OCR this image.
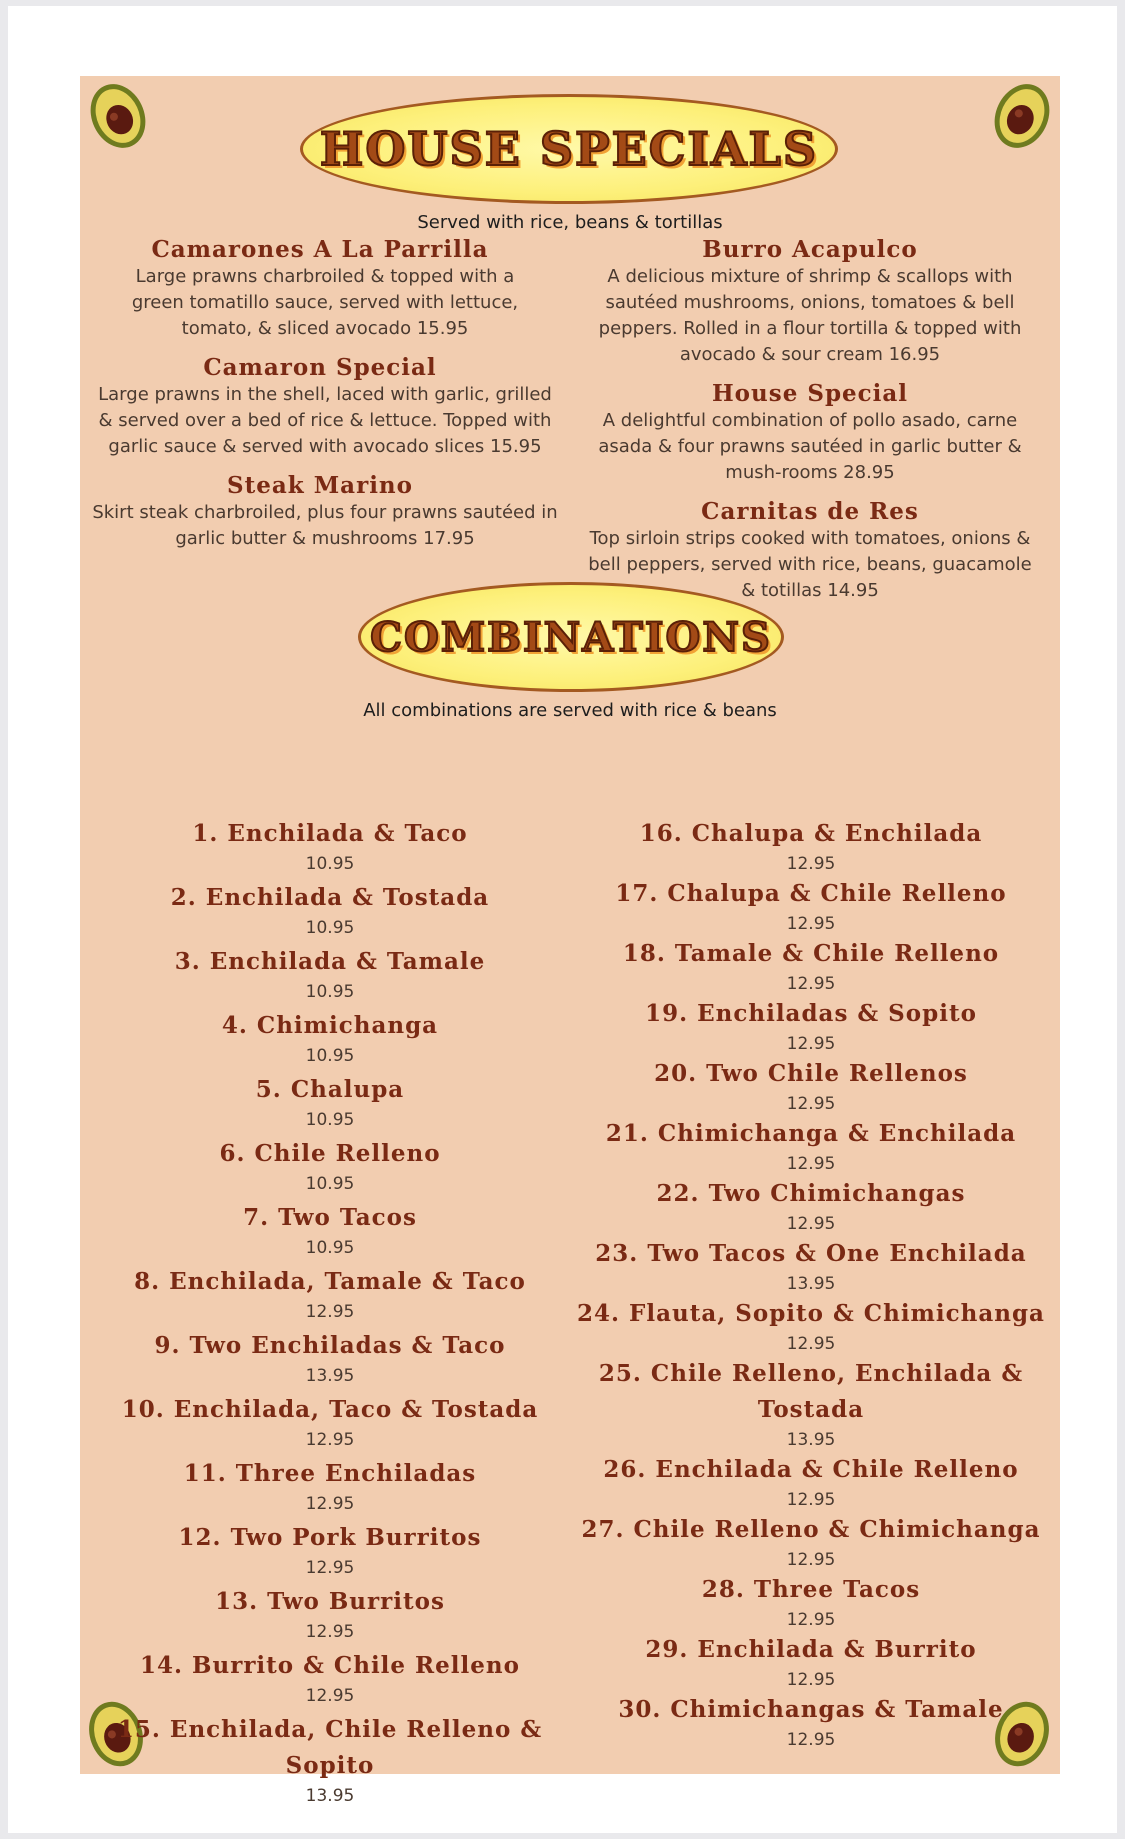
HOUSE SPECIALS
Served with rice, beans & tortillas
Camarones A La Parrilla
Large prawns charbroiled & topped with a green tomatillo sauce, served with lettuce, tomato, & sliced avocado 15.95
Camaron Special
Large prawns in the shell, laced with garlic, grilled & served over a bed of rice & lettuce. Topped with garlic sauce & served with avocado slices 15.95
Steak Marino
Skirt steak charbroiled, plus four prawns sautéed in garlic butter & mushrooms 17.95
Burro Acapulco
A delicious mixture of shrimp & scallops with sautéed mushrooms, onions, tomatoes & bell peppers. Rolled in a flour tortilla & topped with avocado & sour cream 16.95
House Special
A delightful combination of pollo asado, carne asada & four prawns sautéed in garlic butter & mush-rooms 28.95
Carnitas de Res
Top sirloin strips cooked with tomatoes, onions & bell peppers, served with rice, beans, guacamole & totillas 14.95
COMBINATIONS
All combinations are served with rice & beans
1. Enchilada & Taco
10.95
2. Enchilada & Tostada
10.95
3. Enchilada & Tamale
10.95
4. Chimichanga
10.95
5. Chalupa
10.95
6. Chile Relleno
10.95
7. Two Tacos
10.95
8. Enchilada, Tamale & Taco
12.95
9. Two Enchiladas & Taco
13.95
10. Enchilada, Taco & Tostada
12.95
11. Three Enchiladas
12.95
12. Two Pork Burritos
12.95
13. Two Burritos
12.95
14. Burrito & Chile Relleno
12.95
15. Enchilada, Chile Relleno & Sopito
13.95
16. Chalupa & Enchilada
12.95
17. Chalupa & Chile Relleno
12.95
18. Tamale & Chile Relleno
12.95
19. Enchiladas & Sopito
12.95
20. Two Chile Rellenos
12.95
21. Chimichanga & Enchilada
12.95
22. Two Chimichangas
12.95
23. Two Tacos & One Enchilada
13.95
24. Flauta, Sopito & Chimichanga
12.95
25. Chile Relleno, Enchilada & Tostada
13.95
26. Enchilada & Chile Relleno
12.95
27. Chile Relleno & Chimichanga
12.95
28. Three Tacos
12.95
29. Enchilada & Burrito
12.95
30. Chimichangas & Tamale
12.95
